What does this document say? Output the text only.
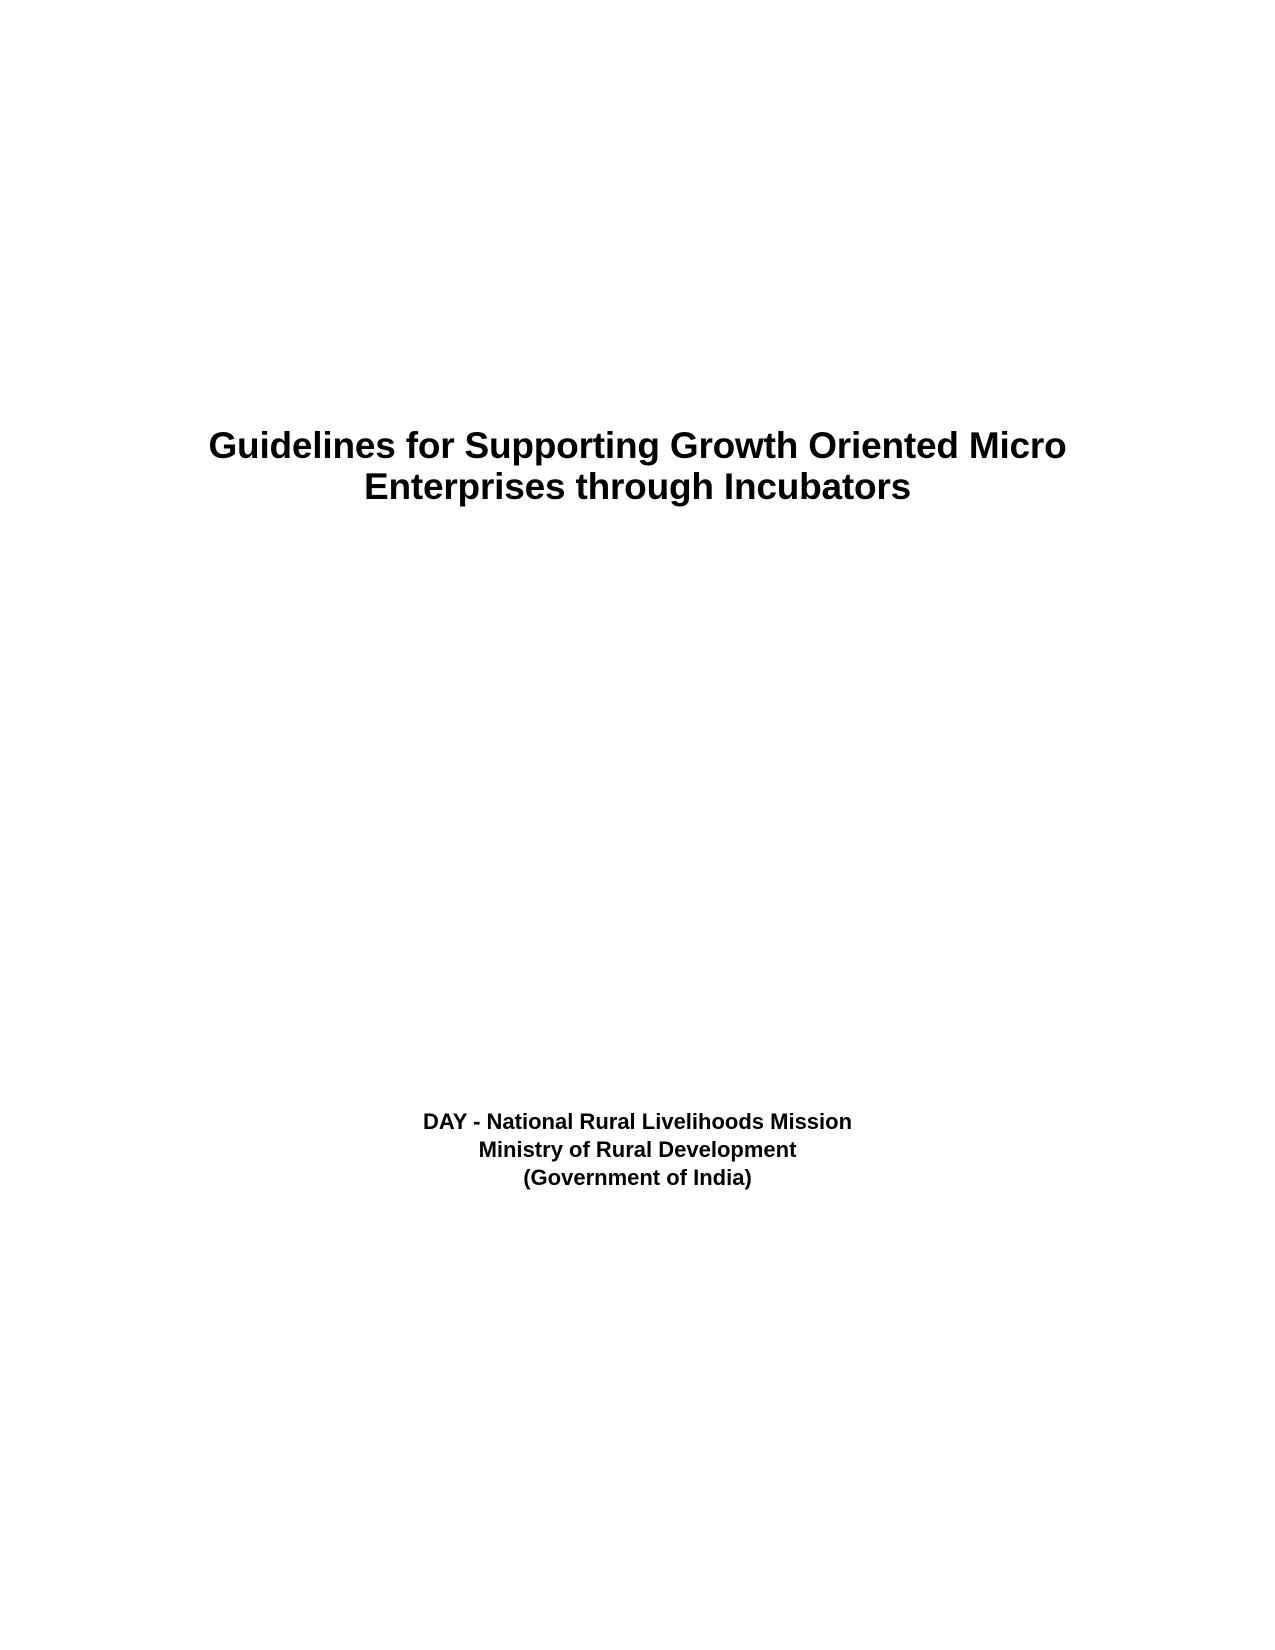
Guidelines for Supporting Growth Oriented Micro
Enterprises through Incubators
DAY - National Rural Livelihoods Mission
Ministry of Rural Development
(Government of India)
